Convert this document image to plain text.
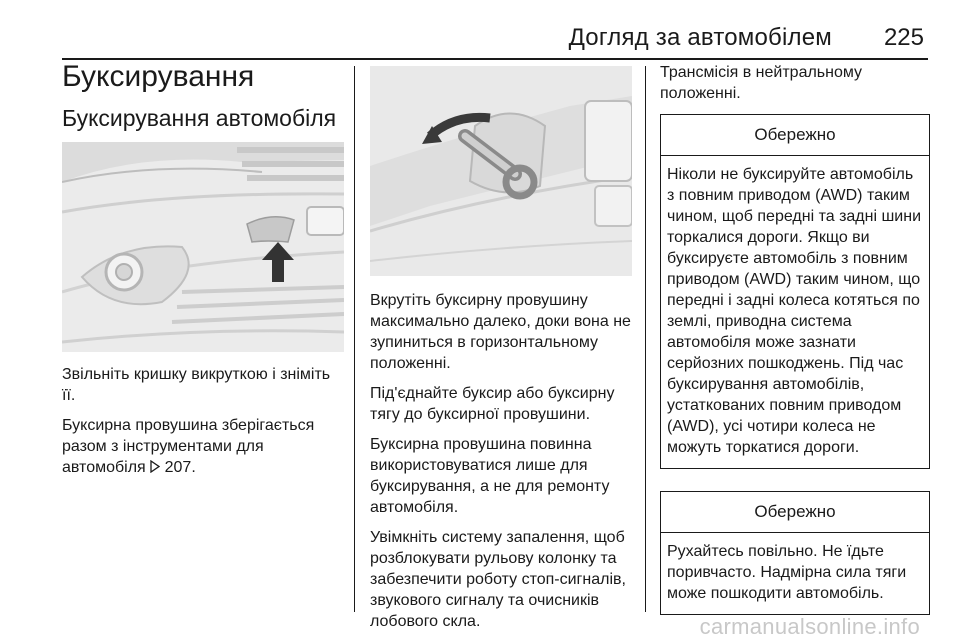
Догляд за автомобілем 225
Буксирування
Буксирування автомобіля

Звільніть кришку викруткою і зніміть її.

Буксирна провушина зберігається разом з інструментами для автомобіля 207.

Вкрутіть буксирну провушину максимально далеко, доки вона не зупиниться в горизонтальному положенні.

Під'єднайте буксир або буксирну тягу до буксирної провушини.

Буксирна провушина повинна використовуватися лише для буксирування, а не для ремонту автомобіля.

Увімкніть систему запалення, щоб розблокувати рульову колонку та забезпечити роботу стоп-сигналів, звукового сигналу та очисників лобового скла.

Трансмісія в нейтральному положенні.

Обережно
Ніколи не буксируйте автомобіль з повним приводом (AWD) таким чином, щоб передні та задні шини торкалися дороги. Якщо ви буксируєте автомобіль з повним приводом (AWD) таким чином, що передні і задні колеса котяться по землі, приводна система автомобіля може зазнати серйозних пошкоджень. Під час буксирування автомобілів, устаткованих повним приводом (AWD), усі чотири колеса не можуть торкатися дороги.
Обережно
Рухайтесь повільно. Не їдьте поривчасто. Надмірна сила тяги може пошкодити автомобіль.
carmanualsonline.info
